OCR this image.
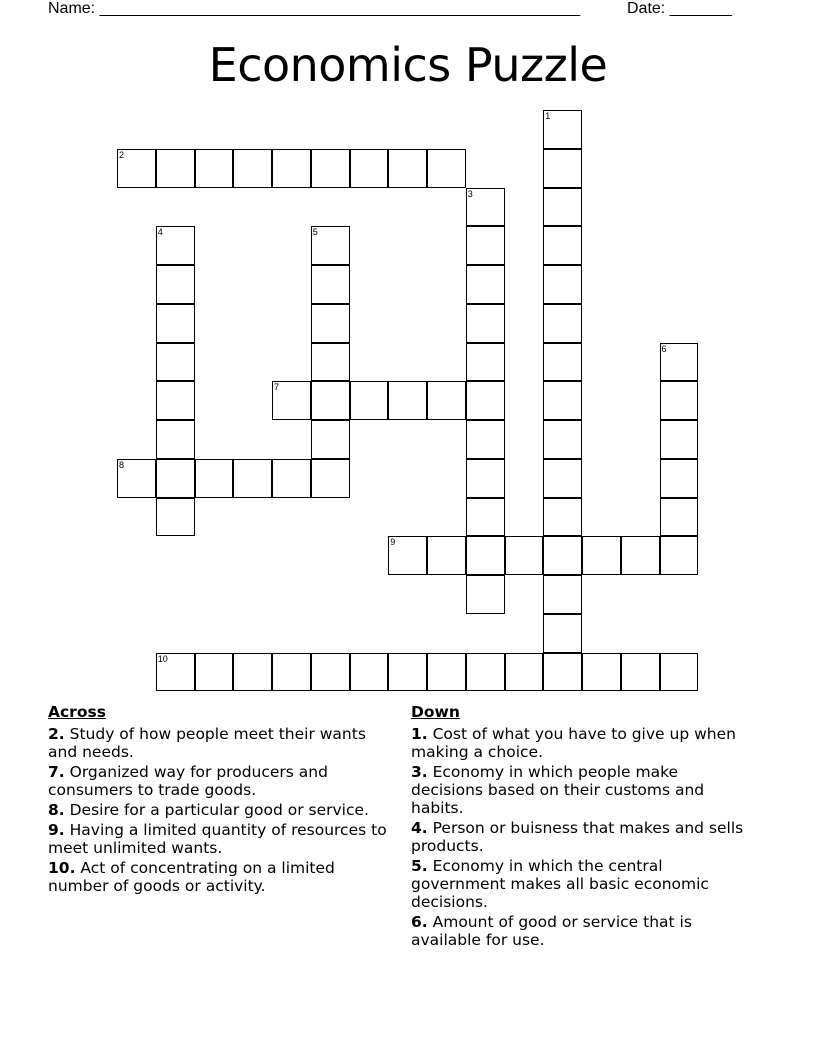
Name: ______________________________________________________	Date: _______
Economics Puzzle
1
2
3
4	5
6
7
8
9
10
Across
2. Study of how people meet their wants and needs.
7. Organized way for producers and consumers to trade goods.
8. Desire for a particular good or service.
9. Having a limited quantity of resources to meet unlimited wants.
10. Act of concentrating on a limited number of goods or activity.
Down
1. Cost of what you have to give up when making a choice.
3. Economy in which people make decisions based on their customs and habits.
4. Person or buisness that makes and sells products.
5. Economy in which the central government makes all basic economic decisions.
6. Amount of good or service that is available for use.
